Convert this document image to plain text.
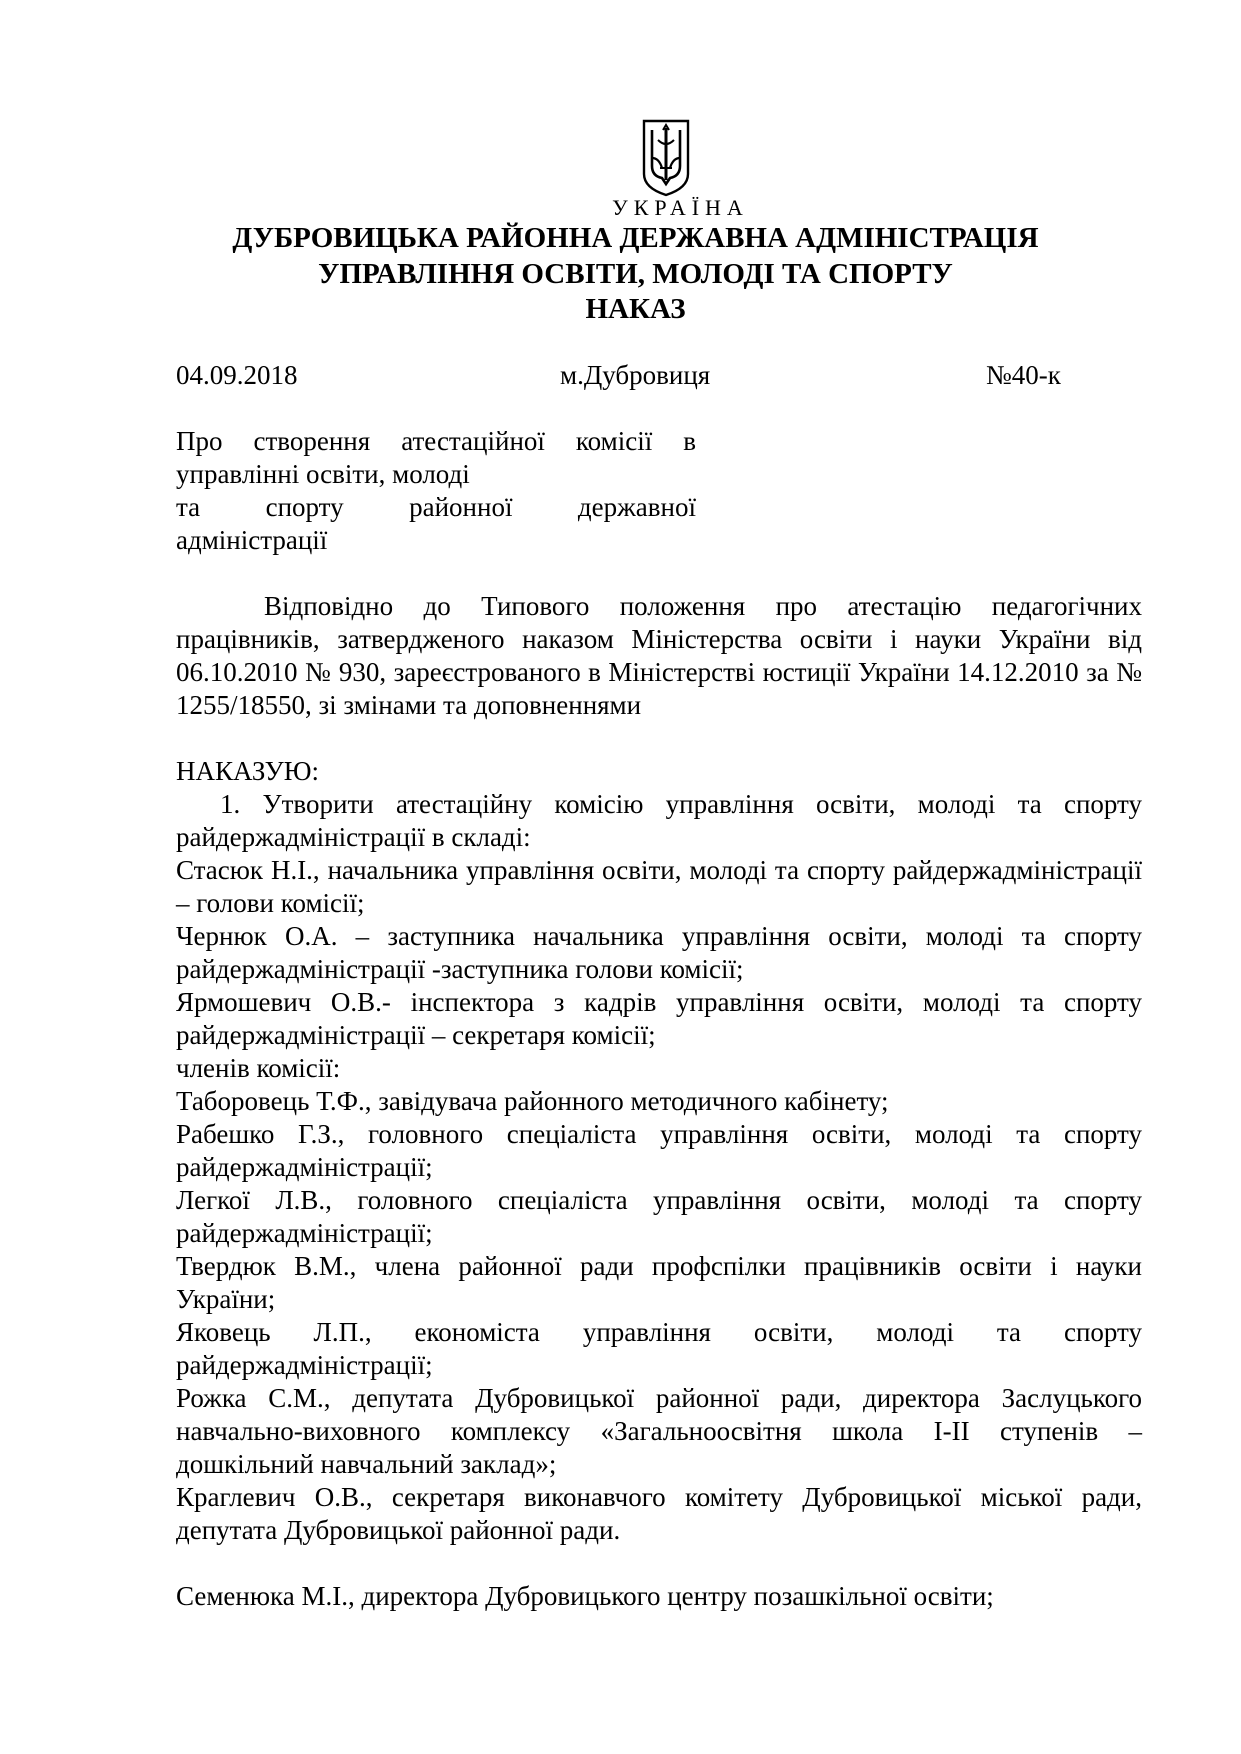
УКРАЇНА
ДУБРОВИЦЬКА РАЙОННА ДЕРЖАВНА АДМІНІСТРАЦІЯ
УПРАВЛІННЯ ОСВІТИ, МОЛОДІ ТА СПОРТУ
НАКАЗ
04.09.2018	м.Дубровиця	№40-к

Про створення атестаційної комісії в

управлінні освіти, молоді

та спорту районної державної

адміністрації

Відповідно до Типового положення про атестацію педагогічних працівників, затвердженого наказом Міністерства освіти і науки України від 06.10.2010 № 930, зареєстрованого в Міністерстві юстиції України 14.12.2010 за № 1255/18550, зі змінами та доповненнями

НАКАЗУЮ:

1. Утворити атестаційну комісію управління освіти, молоді та спорту райдержадміністрації в складі:

Стасюк Н.І., начальника управління освіти, молоді та спорту райдержадміністрації – голови комісії;

Чернюк О.А. – заступника начальника управління освіти, молоді та спорту райдержадміністрації -заступника голови комісії;

Ярмошевич О.В.- інспектора з кадрів управління освіти, молоді та спорту райдержадміністрації – секретаря комісії;

членів комісії:

Таборовець Т.Ф., завідувача районного методичного кабінету;

Рабешко Г.З., головного спеціаліста управління освіти, молоді та спорту райдержадміністрації;

Легкої Л.В., головного спеціаліста управління освіти, молоді та спорту райдержадміністрації;

Твердюк В.М., члена районної ради профспілки працівників освіти і науки України;

Яковець Л.П., економіста управління освіти, молоді та спорту райдержадміністрації;

Рожка С.М., депутата Дубровицької районної ради, директора Заслуцького навчально-виховного комплексу «Загальноосвітня школа І-ІІ ступенів – дошкільний навчальний заклад»;

Краглевич О.В., секретаря виконавчого комітету Дубровицької міської ради, депутата Дубровицької районної ради.

Семенюка М.І., директора Дубровицького центру позашкільної освіти;
